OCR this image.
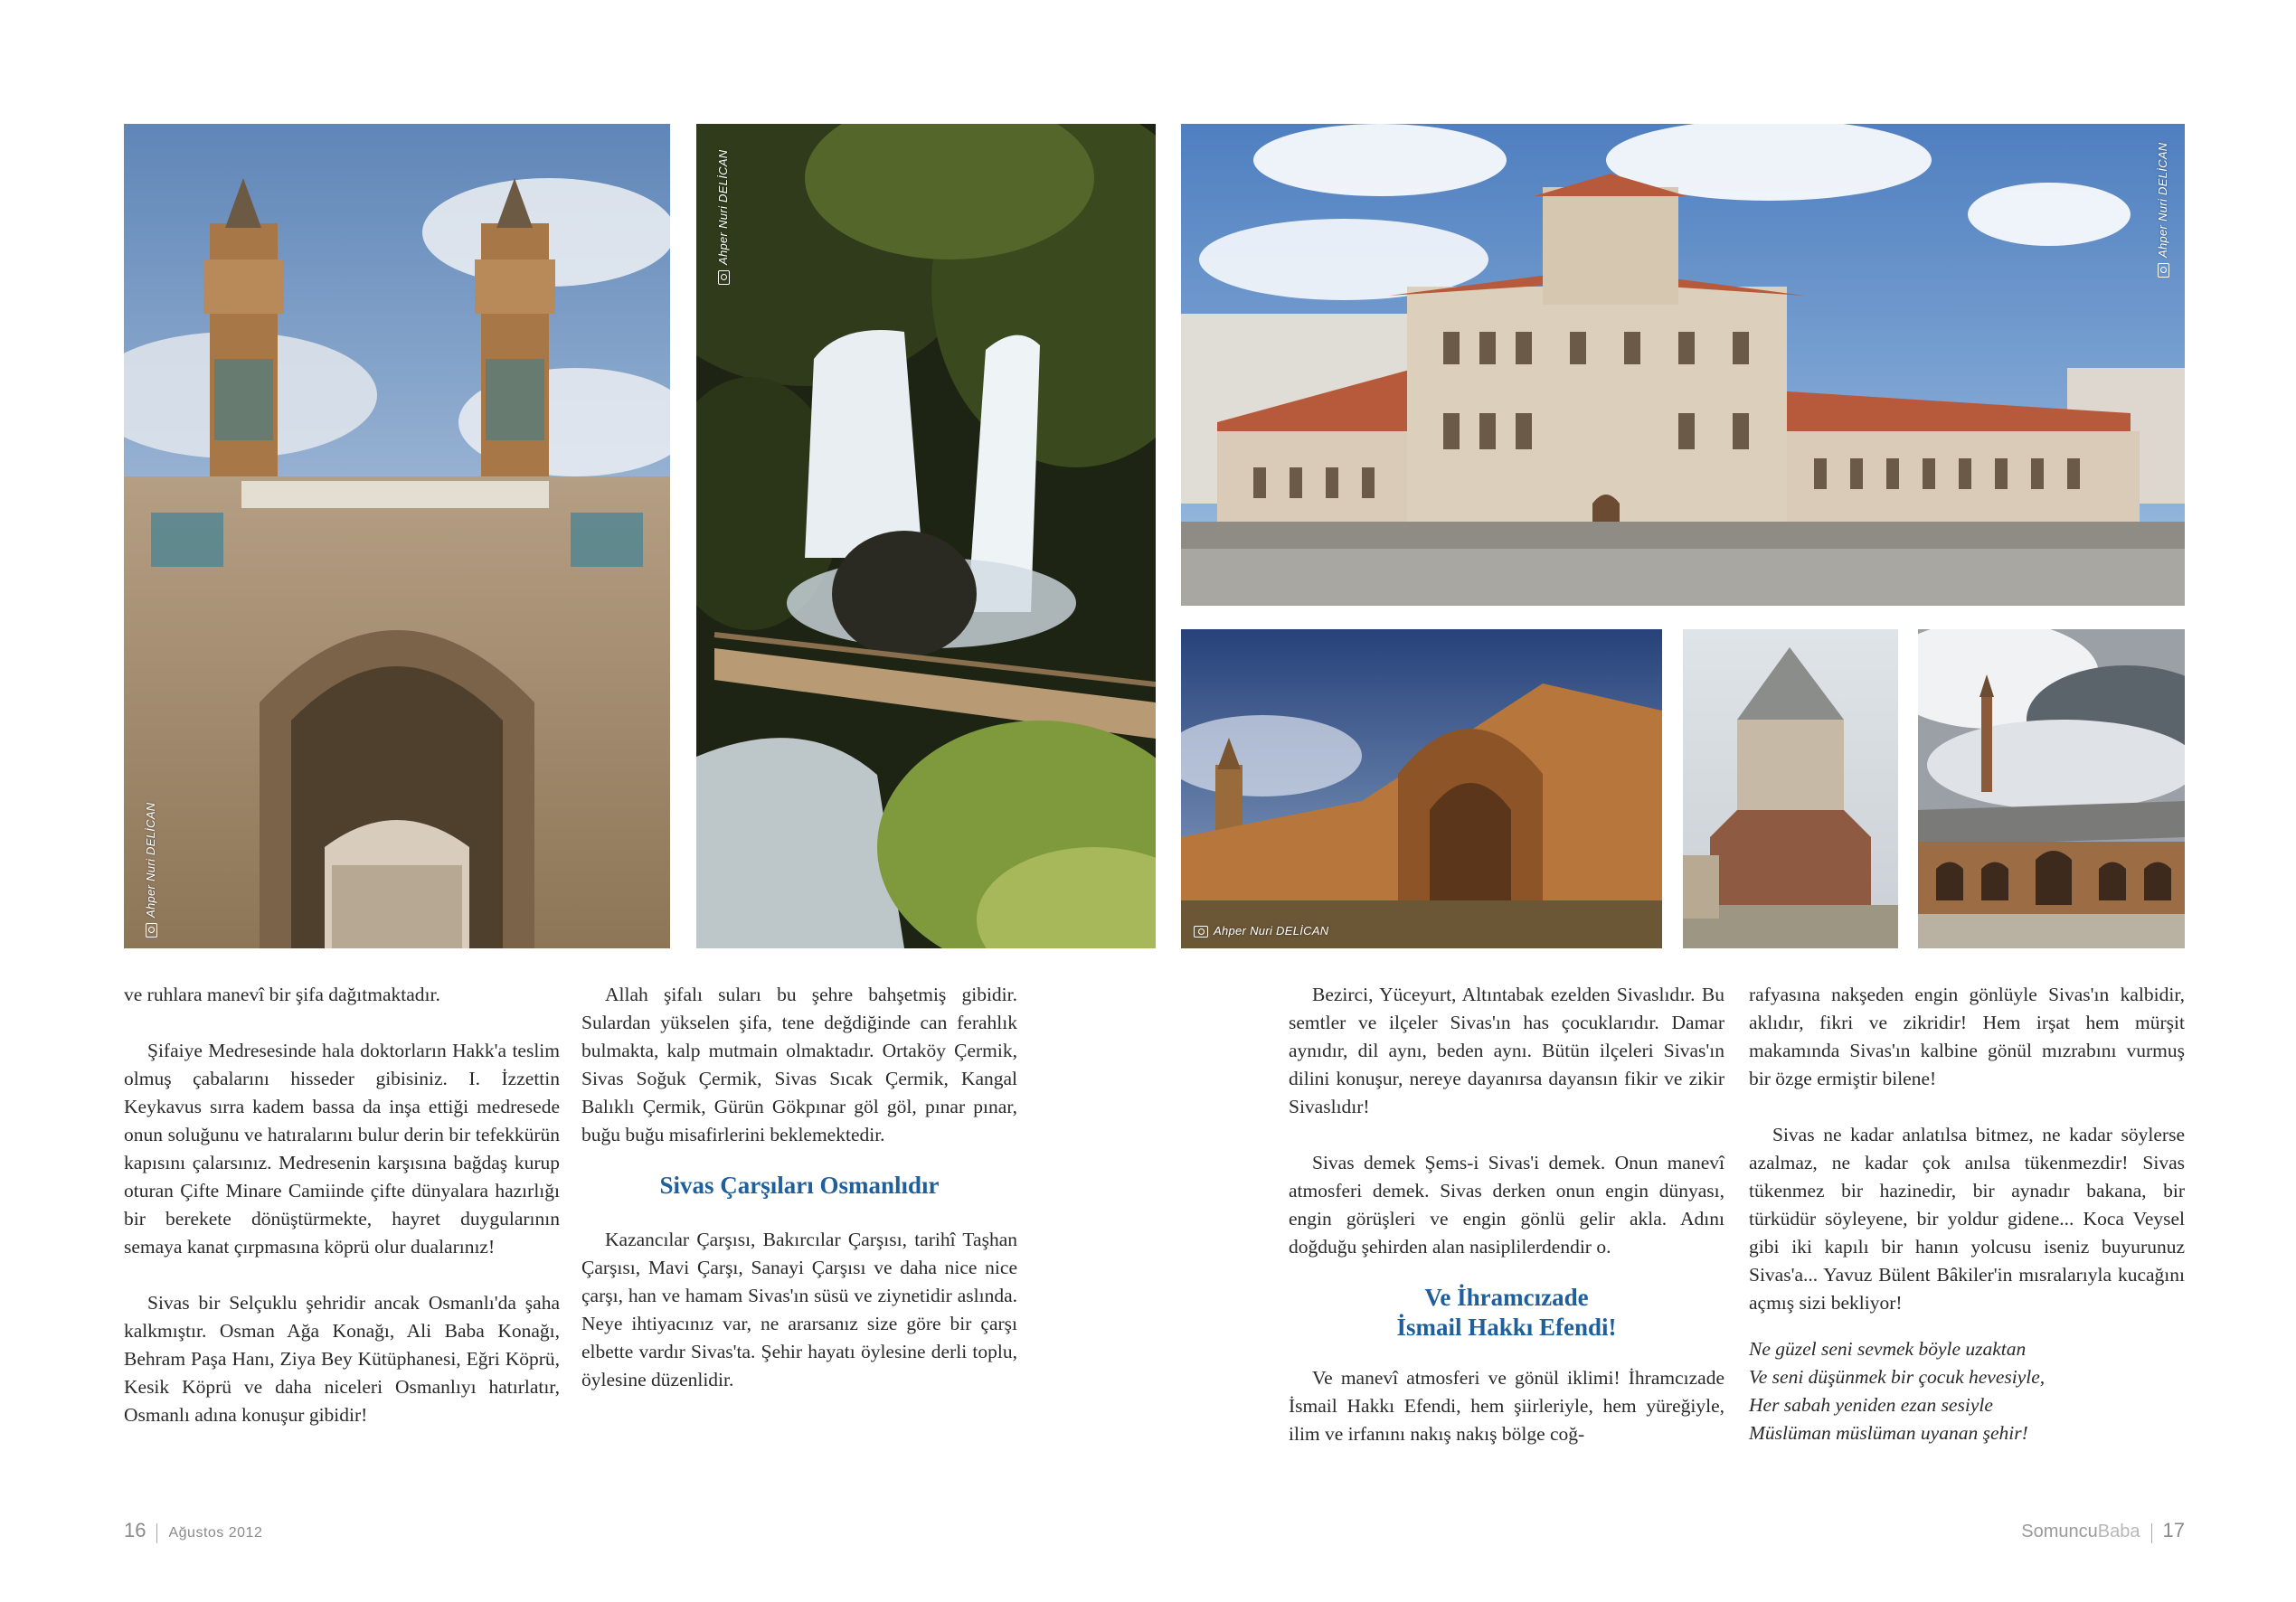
Ahper Nuri DELİCAN
Ahper Nuri DELİCAN	Ahper Nuri DELİCAN
Ahper Nuri DELİCAN

ve ruhlara manevî bir şifa dağıtmaktadır.

Şifaiye Medresesinde hala doktorların Hakk'a teslim olmuş çabalarını hisseder gibisiniz. I. İzzettin Keykavus sırra kadem bassa da inşa ettiği medresede onun soluğunu ve hatıralarını bulur derin bir tefekkürün kapısını çalarsınız. Medresenin karşısına bağdaş kurup oturan Çifte Minare Camiinde çifte dünyalara hazırlığı bir berekete dönüştürmekte, hayret duygularının semaya kanat çırpmasına köprü olur dualarınız!

Sivas bir Selçuklu şehridir ancak Osmanlı'da şaha kalkmıştır. Osman Ağa Konağı, Ali Baba Konağı, Behram Paşa Hanı, Ziya Bey Kütüphanesi, Eğri Köprü, Kesik Köprü ve daha niceleri Osmanlıyı hatırlatır, Osmanlı adına konuşur gibidir!

Allah şifalı suları bu şehre bahşetmiş gibidir. Sulardan yükselen şifa, tene değdiğinde can ferahlık bulmakta, kalp mutmain olmaktadır. Ortaköy Çermik, Sivas Soğuk Çermik, Sivas Sıcak Çermik, Kangal Balıklı Çermik, Gürün Gökpınar göl göl, pınar pınar, buğu buğu misafirlerini beklemektedir.

Sivas Çarşıları Osmanlıdır

Kazancılar Çarşısı, Bakırcılar Çarşısı, tarihî Taşhan Çarşısı, Mavi Çarşı, Sanayi Çarşısı ve daha nice nice çarşı, han ve hamam Sivas'ın süsü ve ziynetidir aslında. Neye ihtiyacınız var, ne ararsanız size göre bir çarşı elbette vardır Sivas'ta. Şehir hayatı öylesine derli toplu, öylesine düzenlidir.

Bezirci, Yüceyurt, Altıntabak ezelden Sivaslıdır. Bu semtler ve ilçeler Sivas'ın has çocuklarıdır. Damar aynıdır, dil aynı, beden aynı. Bütün ilçeleri Sivas'ın dilini konuşur, nereye dayanırsa dayansın fikir ve zikir Sivaslıdır!

Sivas demek Şems-i Sivas'i demek. Onun manevî atmosferi demek. Sivas derken onun engin dünyası, engin görüşleri ve engin gönlü gelir akla. Adını doğduğu şehirden alan nasiplilerdendir o.

Ve İhramcızade
İsmail Hakkı Efendi!

Ve manevî atmosferi ve gönül iklimi! İhramcızade İsmail Hakkı Efendi, hem şiirleriyle, hem yüreğiyle, ilim ve irfanını nakış nakış bölge coğ-

rafyasına nakşeden engin gönlüyle Sivas'ın kalbidir, aklıdır, fikri ve zikridir! Hem irşat hem mürşit makamında Sivas'ın kalbine gönül mızrabını vurmuş bir özge ermiştir bilene!

Sivas ne kadar anlatılsa bitmez, ne kadar söylerse azalmaz, ne kadar çok anılsa tükenmezdir! Sivas tükenmez bir hazinedir, bir aynadır bakana, bir türküdür söyleyene, bir yoldur gidene... Koca Veysel gibi iki kapılı bir hanın yolcusu iseniz buyurunuz Sivas'a... Yavuz Bülent Bâkiler'in mısralarıyla kucağını açmış sizi bekliyor!

Ne güzel seni sevmek böyle uzaktan
Ve seni düşünmek bir çocuk hevesiyle,
Her sabah yeniden ezan sesiyle
Müslüman müslüman uyanan şehir!
16 Ağustos 2012	SomuncuBaba 17
